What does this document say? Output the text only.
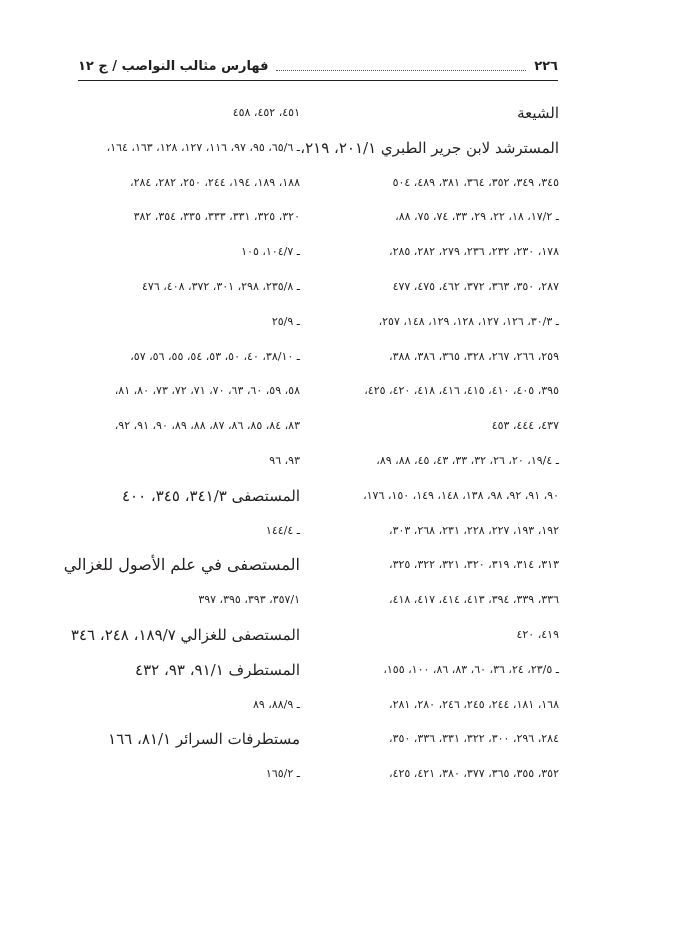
٢٢٦
فهارس مثالب النواصب / ج ١٢
الشيعة
المسترشد لابن جرير الطبري ٢٠١/١، ٢١٩،
٣٤٥، ٣٤٩، ٣٥٢، ٣٦٤، ٣٨١، ٤٨٩، ٥٠٤
ـ ١٧/٢، ١٨، ٢٢، ٢٩، ٣٣، ٧٤، ٧٥، ٨٨،
١٧٨، ٢٣٠، ٢٣٢، ٢٣٦، ٢٧٩، ٢٨٢، ٢٨٥،
٢٨٧، ٣٥٠، ٣٦٣، ٣٧٢، ٤٦٢، ٤٧٥، ٤٧٧
ـ ٣٠/٣، ١٢٦، ١٢٧، ١٢٨، ١٢٩، ١٤٨، ٢٥٧،
٢٥٩، ٢٦٦، ٢٦٧، ٣٢٨، ٣٦٥، ٣٨٦، ٣٨٨،
٣٩٥، ٤٠٥، ٤١٠، ٤١٥، ٤١٦، ٤١٨، ٤٢٠، ٤٢٥،
٤٣٧، ٤٤٤، ٤٥٣
ـ ١٩/٤، ٢٠، ٢٦، ٣٢، ٣٣، ٤٣، ٤٥، ٨٨، ٨٩،
٩٠، ٩١، ٩٢، ٩٨، ١٣٨، ١٤٨، ١٤٩، ١٥٠، ١٧٦،
١٩٢، ١٩٣، ٢٢٧، ٢٢٨، ٢٣١، ٢٦٨، ٣٠٣،
٣١٣، ٣١٤، ٣١٩، ٣٢٠، ٣٢١، ٣٢٢، ٣٢٥،
٣٣٦، ٣٣٩، ٣٩٤، ٤١٣، ٤١٤، ٤١٧، ٤١٨،
٤١٩، ٤٢٠
ـ ٢٣/٥، ٢٤، ٣٦، ٦٠، ٨٣، ٨٦، ١٠٠، ١٥٥،
١٦٨، ١٨١، ٢٤٤، ٢٤٥، ٢٤٦، ٢٨٠، ٢٨١،
٢٨٤، ٢٩٦، ٣٠٠، ٣٢٢، ٣٣١، ٣٣٦، ٣٥٠،
٣٥٢، ٣٥٥، ٣٦٥، ٣٧٧، ٣٨٠، ٤٢١، ٤٢٥،
٤٥١، ٤٥٢، ٤٥٨
ـ ٦٥/٦، ٩٥، ٩٧، ١١٦، ١٢٧، ١٢٨، ١٦٣، ١٦٤،
١٨٨، ١٨٩، ١٩٤، ٢٤٤، ٢٥٠، ٢٨٢، ٢٨٤،
٣٢٠، ٣٢٥، ٣٣١، ٣٣٣، ٣٣٥، ٣٥٤، ٣٨٢
ـ ١٠٤/٧، ١٠٥
ـ ٢٣٥/٨، ٢٩٨، ٣٠١، ٣٧٢، ٤٠٨، ٤٧٦
ـ ٢٥/٩
ـ ٣٨/١٠، ٤٠، ٥٠، ٥٣، ٥٤، ٥٥، ٥٦، ٥٧،
٥٨، ٥٩، ٦٠، ٦٣، ٧٠، ٧١، ٧٢، ٧٣، ٨٠، ٨١،
٨٣، ٨٤، ٨٥، ٨٦، ٨٧، ٨٨، ٨٩، ٩٠، ٩١، ٩٢،
٩٣، ٩٦
المستصفى ٣٤١/٣، ٣٤٥، ٤٠٠
ـ ١٤٤/٤
المستصفى في علم الأصول للغزالي
٣٥٧/١، ٣٩٣، ٣٩٥، ٣٩٧
المستصفى للغزالي ١٨٩/٧، ٢٤٨، ٣٤٦
المستطرف ٩١/١، ٩٣، ٤٣٢
ـ ٨٨/٩، ٨٩
مستطرفات السرائر ٨١/١، ١٦٦
ـ ١٦٥/٢
